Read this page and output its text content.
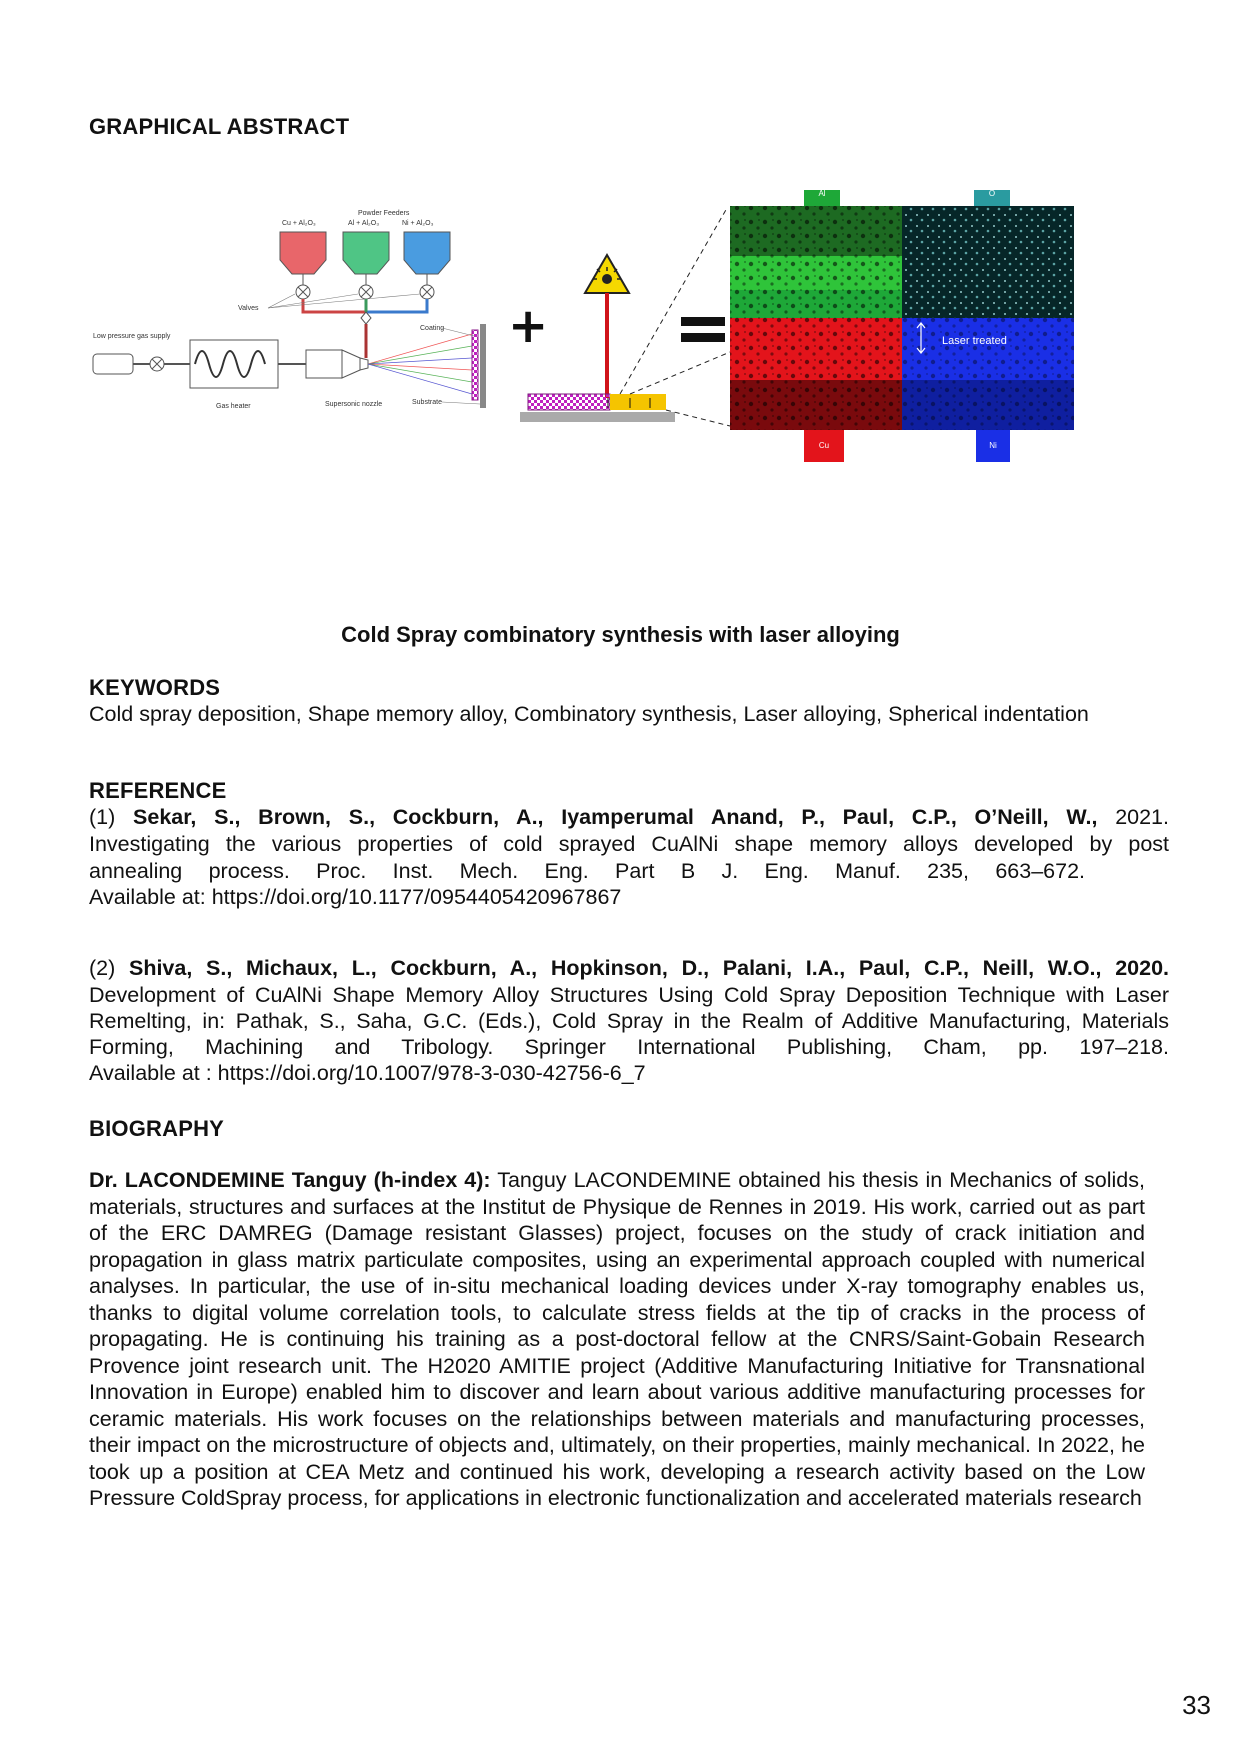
GRAPHICAL ABSTRACT
Powder Feeders
Cu + Al₂O₃	Al + Al₂O₃	Ni + Al₂O₃
Valves
Low pressure gas supply
Gas heater	Supersonic nozzle
Coating
Substrate
+
Al	O
Laser treated
Cu	Ni

Cold Spray combinatory synthesis with laser alloying

KEYWORDS

Cold spray deposition, Shape memory alloy, Combinatory synthesis, Laser alloying, Spherical indentation

REFERENCE

(1) Sekar, S., Brown, S., Cockburn, A., Iyamperumal Anand, P., Paul, C.P., O’Neill, W., 2021.

Investigating the various properties of cold sprayed CuAlNi shape memory alloys developed by post

annealing process. Proc. Inst. Mech. Eng. Part B J. Eng. Manuf. 235, 663–672.

Available at: https://doi.org/10.1177/0954405420967867

(2) Shiva, S., Michaux, L., Cockburn, A., Hopkinson, D., Palani, I.A., Paul, C.P., Neill, W.O., 2020.

Development of CuAlNi Shape Memory Alloy Structures Using Cold Spray Deposition Technique with Laser

Remelting, in: Pathak, S., Saha, G.C. (Eds.), Cold Spray in the Realm of Additive Manufacturing, Materials

Forming, Machining and Tribology. Springer International Publishing, Cham, pp. 197–218.

Available at : https://doi.org/10.1007/978-3-030-42756-6_7

BIOGRAPHY

Dr. LACONDEMINE Tanguy (h-index 4): Tanguy LACONDEMINE obtained his thesis in Mechanics of solids, materials, structures and surfaces at the Institut de Physique de Rennes in 2019. His work, carried out as part of the ERC DAMREG (Damage resistant Glasses) project, focuses on the study of crack initiation and propagation in glass matrix particulate composites, using an experimental approach coupled with numerical analyses. In particular, the use of in-situ mechanical loading devices under X-ray tomography enables us, thanks to digital volume correlation tools, to calculate stress fields at the tip of cracks in the process of propagating. He is continuing his training as a post-doctoral fellow at the CNRS/Saint-Gobain Research Provence joint research unit. The H2020 AMITIE project (Additive Manufacturing Initiative for Transnational Innovation in Europe) enabled him to discover and learn about various additive manufacturing processes for ceramic materials. His work focuses on the relationships between materials and manufacturing processes, their impact on the microstructure of objects and, ultimately, on their properties, mainly mechanical. In 2022, he took up a position at CEA Metz and continued his work, developing a research activity based on the Low Pressure ColdSpray process, for applications in electronic functionalization and accelerated materials research

33
